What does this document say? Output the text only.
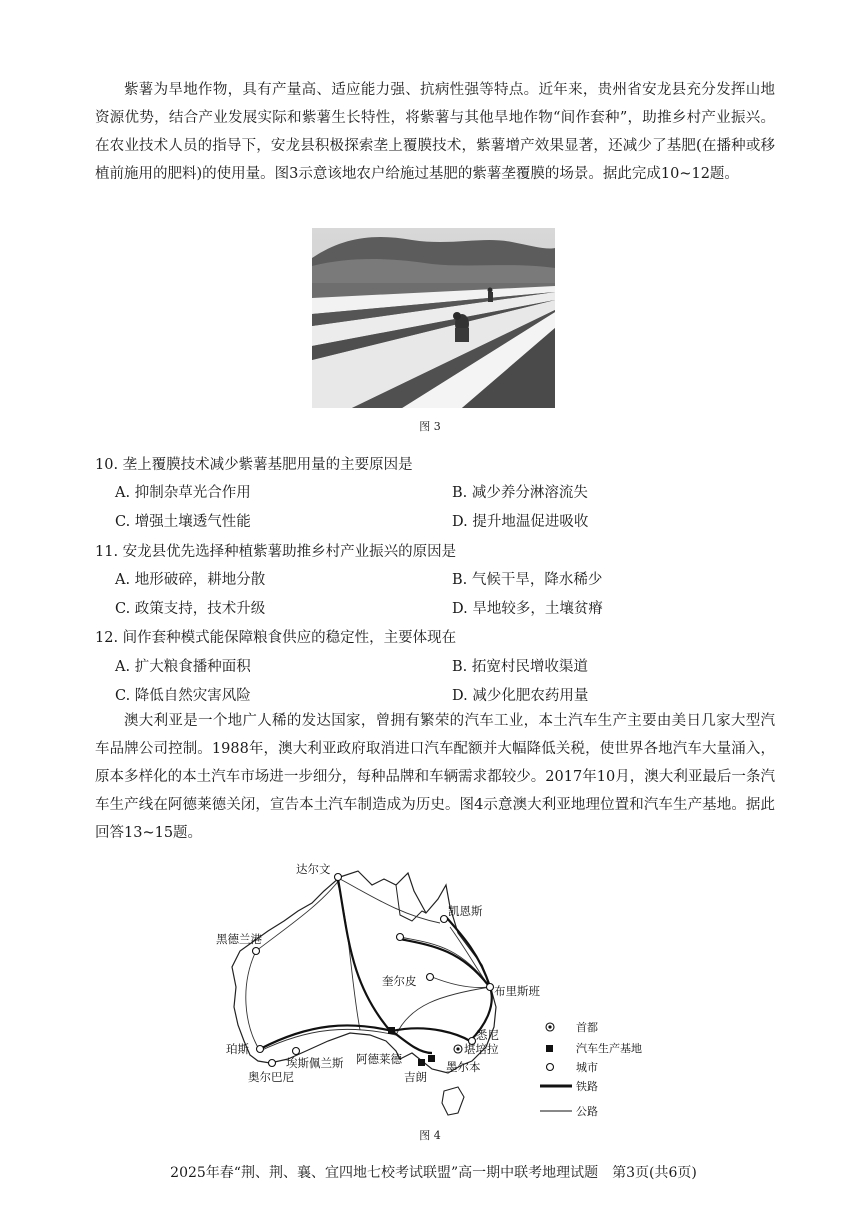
紫薯为旱地作物，具有产量高、适应能力强、抗病性强等特点。近年来，贵州省安龙县充分发挥山地资源优势，结合产业发展实际和紫薯生长特性，将紫薯与其他旱地作物“间作套种”，助推乡村产业振兴。在农业技术人员的指导下，安龙县积极探索垄上覆膜技术，紫薯增产效果显著，还减少了基肥(在播种或移植前施用的肥料)的使用量。图3示意该地农户给施过基肥的紫薯垄覆膜的场景。据此完成10~12题。

图 3
10. 垄上覆膜技术减少紫薯基肥用量的主要原因是
A. 抑制杂草光合作用	B. 减少养分淋溶流失
C. 增强土壤透气性能	D. 提升地温促进吸收
11. 安龙县优先选择种植紫薯助推乡村产业振兴的原因是
A. 地形破碎，耕地分散	B. 气候干旱，降水稀少
C. 政策支持，技术升级	D. 旱地较多，土壤贫瘠
12. 间作套种模式能保障粮食供应的稳定性，主要体现在
A. 扩大粮食播种面积	B. 拓宽村民增收渠道
C. 降低自然灾害风险	D. 减少化肥农药用量

澳大利亚是一个地广人稀的发达国家，曾拥有繁荣的汽车工业，本土汽车生产主要由美日几家大型汽车品牌公司控制。1988年，澳大利亚政府取消进口汽车配额并大幅降低关税，使世界各地汽车大量涌入，原本多样化的本土汽车市场进一步细分，每种品牌和车辆需求都较少。2017年10月，澳大利亚最后一条汽车生产线在阿德莱德关闭，宣告本土汽车制造成为历史。图4示意澳大利亚地理位置和汽车生产基地。据此回答13~15题。

达尔文
凯恩斯
黑德兰港
奎尔皮
布里斯班
珀斯
奥尔巴尼
埃斯佩兰斯 阿德莱德
悉尼
堪培拉
墨尔本
吉朗
首都
汽车生产基地
城市
铁路
公路
图 4
2025年春“荆、荆、襄、宜四地七校考试联盟”高一期中联考地理试题　第3页(共6页)
